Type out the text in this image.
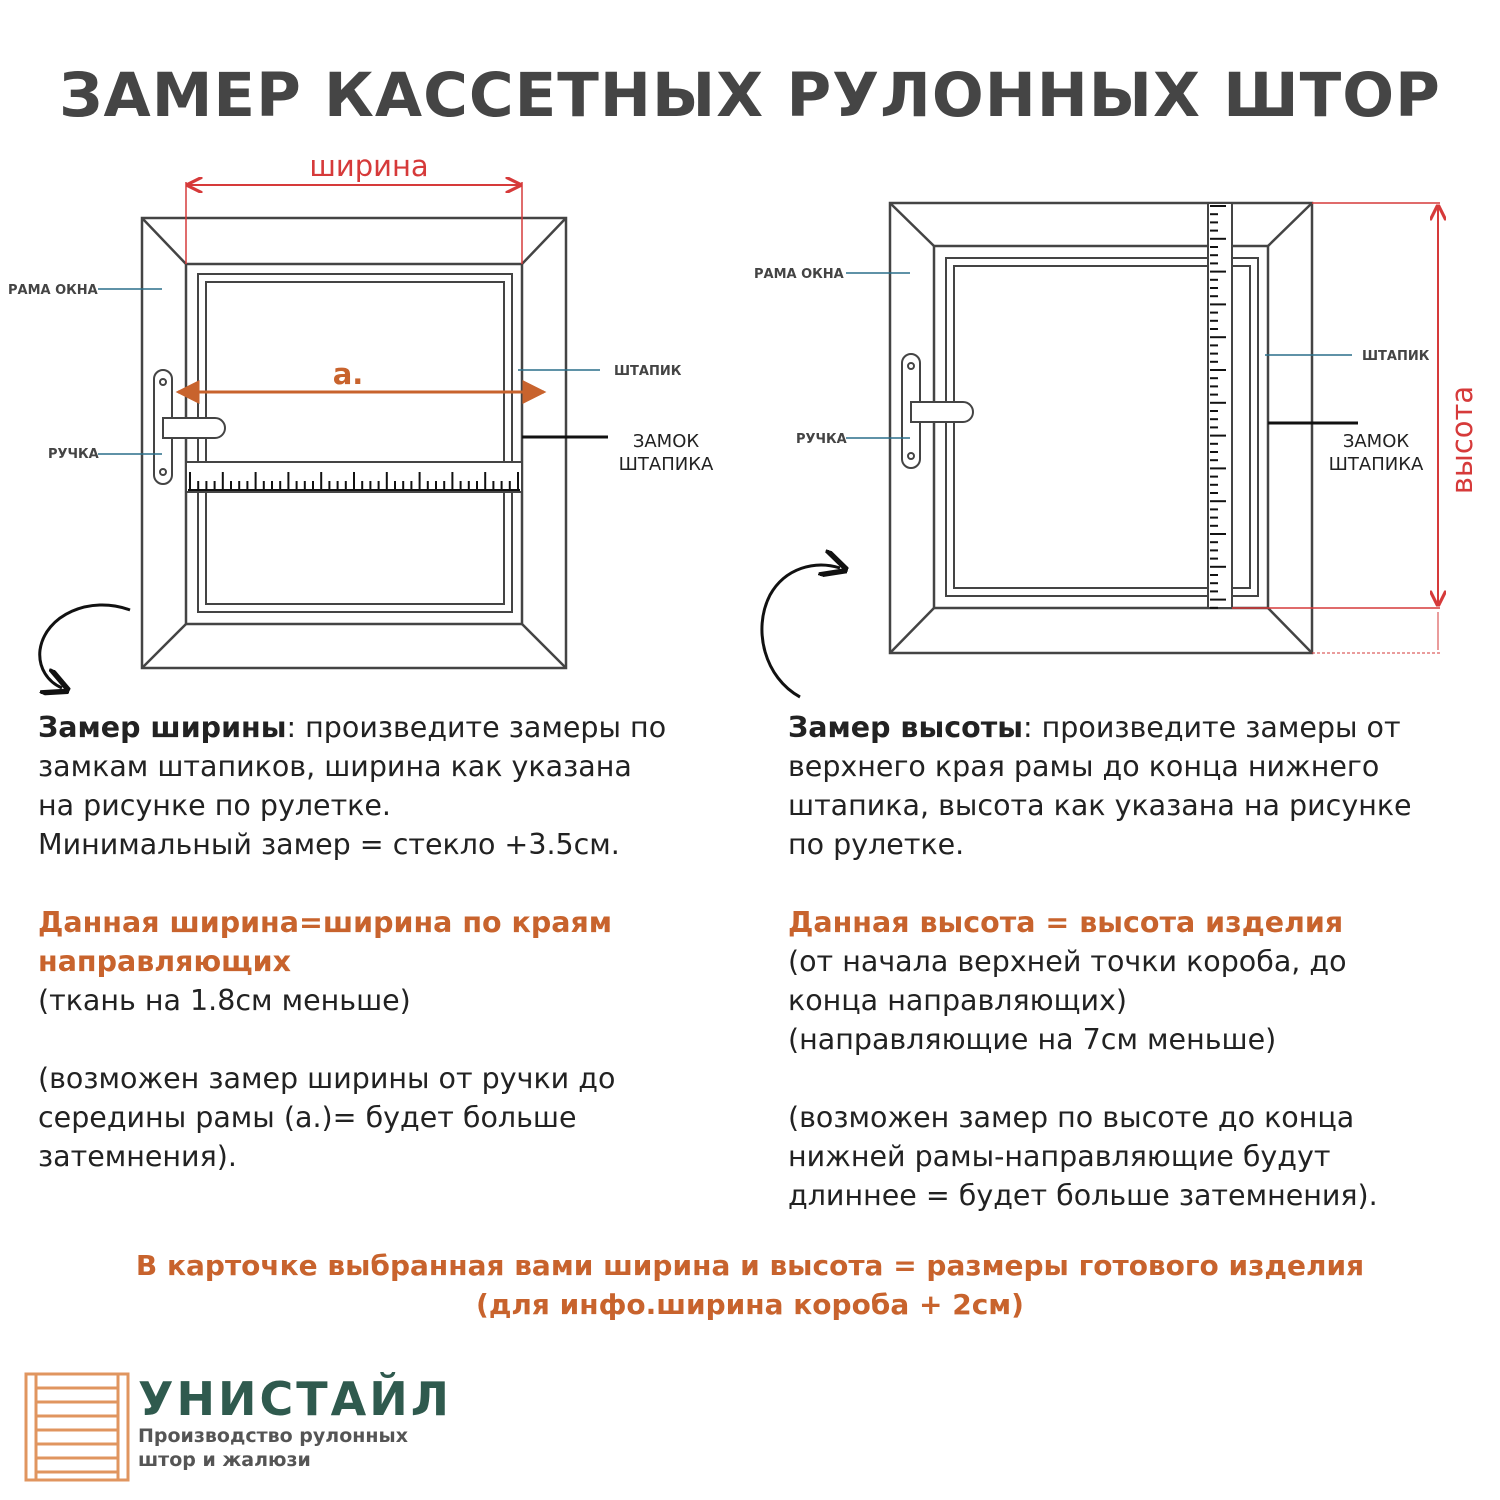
ЗАМЕР КАССЕТНЫХ РУЛОННЫХ ШТОР
ширина
a.
РАМА ОКНА
РУЧКА
ШТАПИК
ЗАМОК
ШТАПИКА	высота
РАМА ОКНА
РУЧКА
ШТАПИК
ЗАМОК
ШТАПИКА

Замер ширины: произведите замеры по

замкам штапиков, ширина как указана

на рисунке по рулетке.

Минимальный замер = стекло +3.5см.

Данная ширина=ширина по краям

направляющих

(ткань на 1.8см меньше)

(возможен замер ширины от ручки до

середины рамы (a.)= будет больше

затемнения).

Замер высоты: произведите замеры от

верхнего края рамы до конца нижнего

штапика, высота как указана на рисунке

по рулетке.

Данная высота = высота изделия

(от начала верхней точки короба, до

конца направляющих)

(направляющие на 7см меньше)

(возможен замер по высоте до конца

нижней рамы-направляющие будут

длиннее = будет больше затемнения).

В карточке выбранная вами ширина и высота = размеры готового изделия
(для инфо.ширина короба + 2см)
УНИСТАЙЛ
Производство рулонных
штор и жалюзи
